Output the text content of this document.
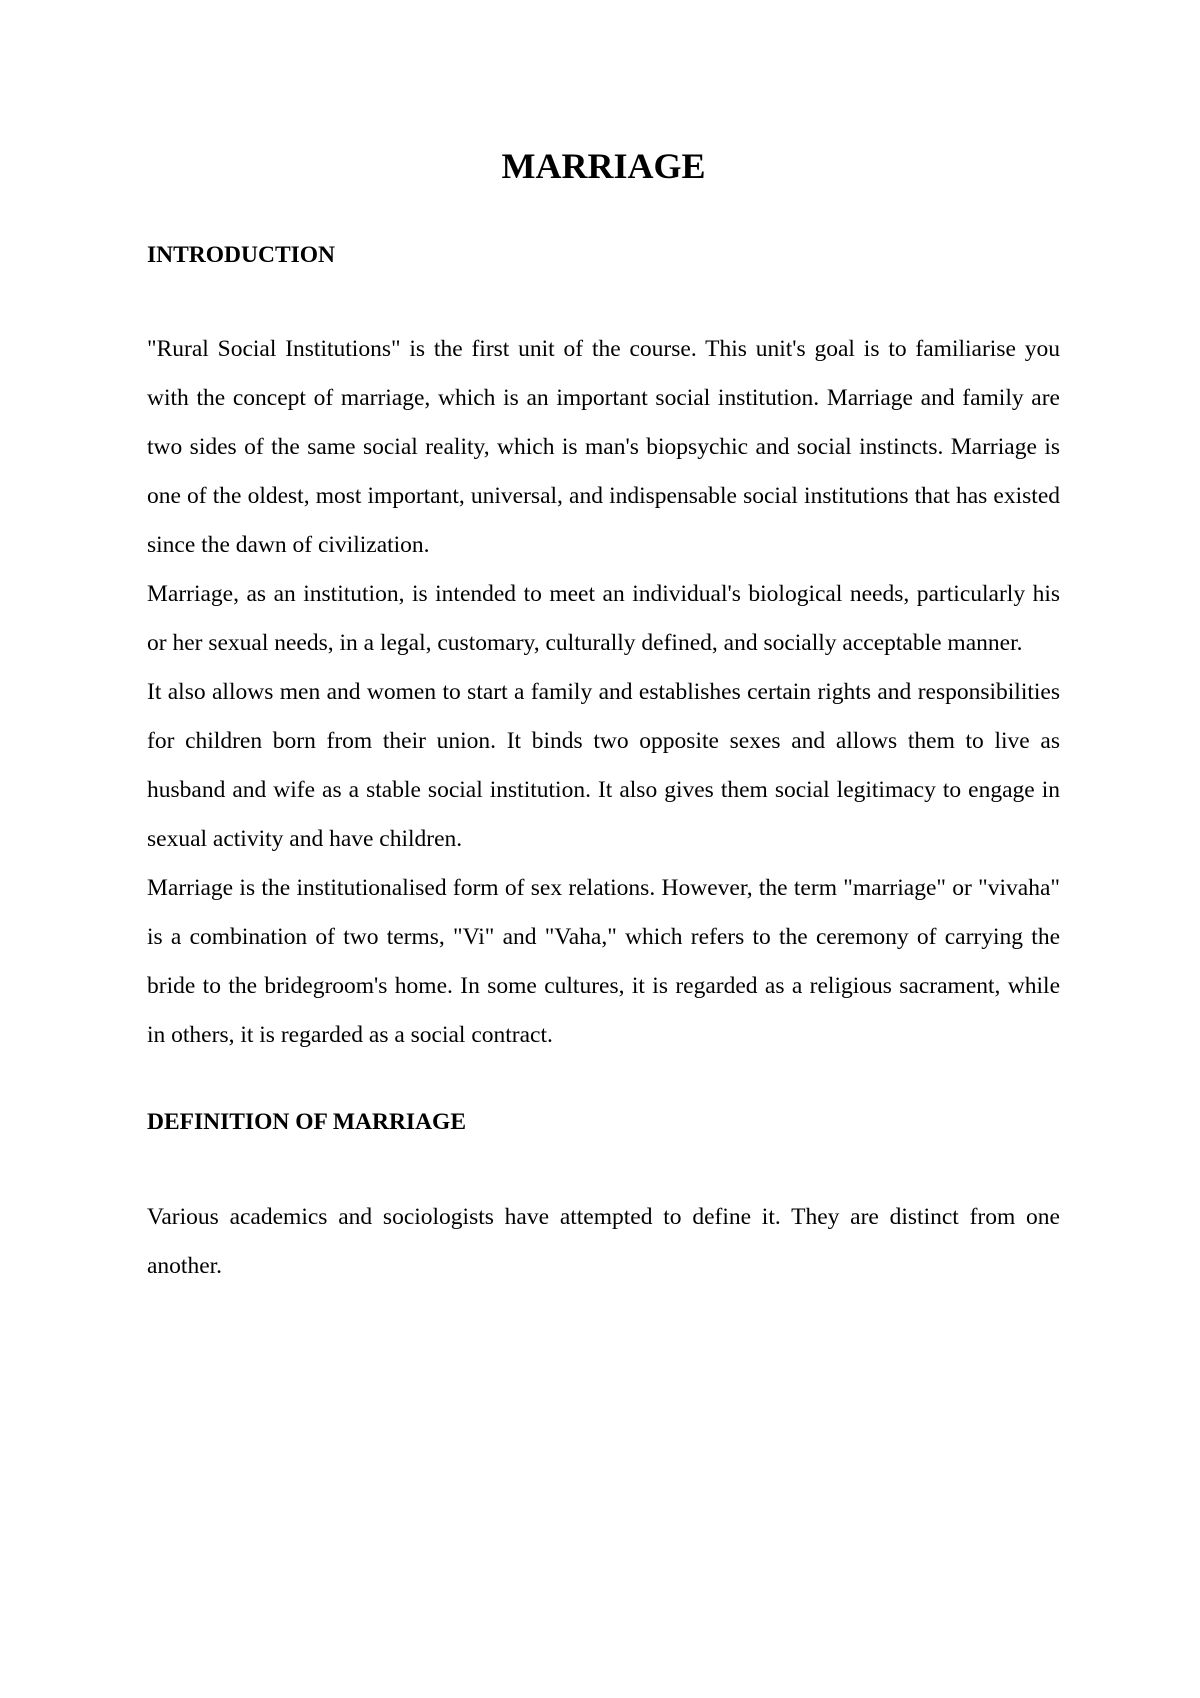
MARRIAGE
INTRODUCTION

"Rural Social Institutions" is the first unit of the course. This unit's goal is to familiarise you with the concept of marriage, which is an important social institution. Marriage and family are two sides of the same social reality, which is man's biopsychic and social instincts. Marriage is one of the oldest, most important, universal, and indispensable social institutions that has existed since the dawn of civilization.

Marriage, as an institution, is intended to meet an individual's biological needs, particularly his or her sexual needs, in a legal, customary, culturally defined, and socially acceptable manner.

It also allows men and women to start a family and establishes certain rights and responsibilities for children born from their union. It binds two opposite sexes and allows them to live as husband and wife as a stable social institution. It also gives them social legitimacy to engage in sexual activity and have children.

Marriage is the institutionalised form of sex relations. However, the term "marriage" or "vivaha" is a combination of two terms, "Vi" and "Vaha," which refers to the ceremony of carrying the bride to the bridegroom's home. In some cultures, it is regarded as a religious sacrament, while in others, it is regarded as a social contract.

DEFINITION OF MARRIAGE

Various academics and sociologists have attempted to define it. They are distinct from one another.
